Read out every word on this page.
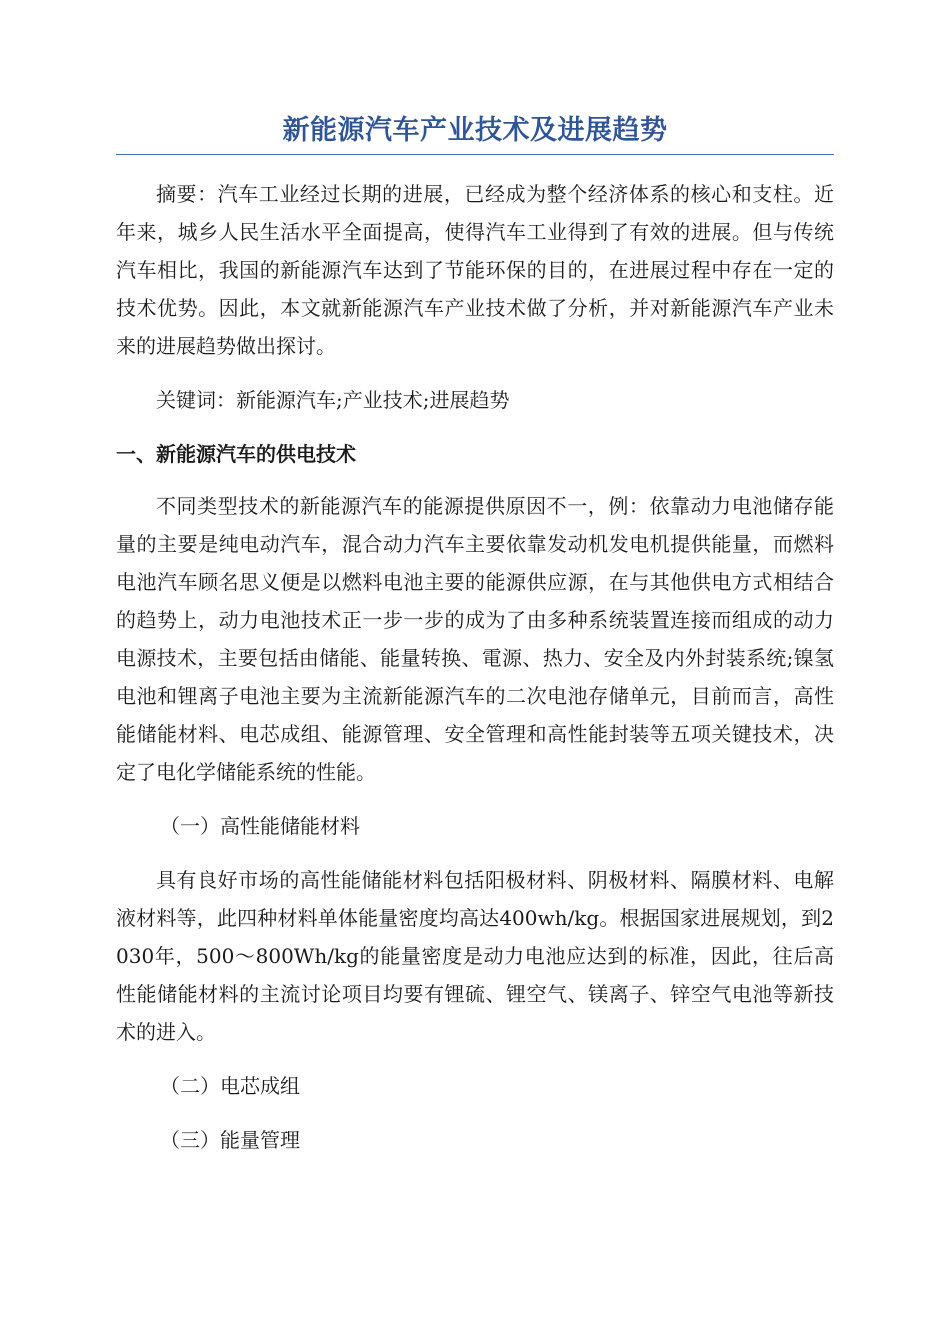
新能源汽车产业技术及进展趋势

摘要：汽车工业经过长期的进展，已经成为整个经济体系的核心和支柱。近年来，城乡人民生活水平全面提高，使得汽车工业得到了有效的进展。但与传统汽车相比，我国的新能源汽车达到了节能环保的目的，在进展过程中存在一定的技术优势。因此，本文就新能源汽车产业技术做了分析，并对新能源汽车产业未来的进展趋势做出探讨。

关键词：新能源汽车;产业技术;进展趋势

一、新能源汽车的供电技术

不同类型技术的新能源汽车的能源提供原因不一，例：依靠动力电池储存能量的主要是纯电动汽车，混合动力汽车主要依靠发动机发电机提供能量，而燃料电池汽车顾名思义便是以燃料电池主要的能源供应源，在与其他供电方式相结合的趋势上，动力电池技术正一步一步的成为了由多种系统装置连接而组成的动力电源技术，主要包括由储能、能量转换、電源、热力、安全及内外封装系统;镍氢电池和锂离子电池主要为主流新能源汽车的二次电池存储单元，目前而言，高性能储能材料、电芯成组、能源管理、安全管理和高性能封装等五项关键技术，决定了电化学储能系统的性能。

（一）高性能储能材料

具有良好市场的高性能储能材料包括阳极材料、阴极材料、隔膜材料、电解液材料等，此四种材料单体能量密度均高达400wh/kg。根据国家进展规划，到2030年，500～800Wh/kg的能量密度是动力电池应达到的标准，因此，往后高性能储能材料的主流讨论项目均要有锂硫、锂空气、镁离子、锌空气电池等新技术的进入。

（二）电芯成组
（三）能量管理
